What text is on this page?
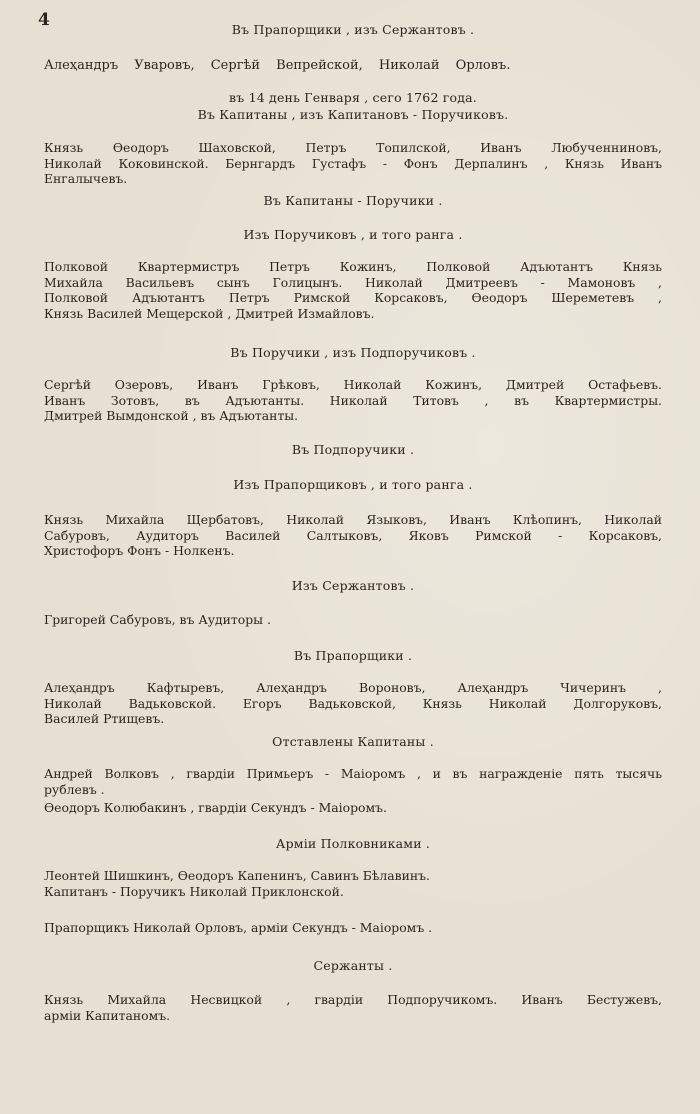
4	Въ Прапорщики , изъ Сержантовъ .
Алеҳандръ Уваровъ, Сергѣй Вепрейской, Николай Орловъ.
въ 14 день Генваря , сего 1762 года.
Въ Капитаны , изъ Капитановъ - Поручиковъ.
Князь Ѳеодоръ Шаховской, Петръ Топилской, Иванъ Любученниновъ,
Николай Коковинской. Бернгардъ Густафъ - Фонъ Дерпалинъ , Князь Иванъ
Енгалычевъ.
Въ Капитаны - Поручики .
Изъ Поручиковъ , и того ранга .
Полковой Квартермистръ Петръ Кожинъ, Полковой Адъютантъ Князь
Михайла Васильевъ сынъ Голицынъ. Николай Дмитреевъ - Мамоновъ ,
Полковой Адъютантъ Петръ Римской Корсаковъ, Ѳеодоръ Шереметевъ ,
Князь Василей Мещерской , Дмитрей Измайловъ.
Въ Поручики , изъ Подпоручиковъ .
Сергѣй Озеровъ, Иванъ Грѣковъ, Николай Кожинъ, Дмитрей Остафьевъ.
Иванъ Зотовъ, въ Адъютанты. Николай Титовъ , въ Квартермистры.
Дмитрей Вымдонской , въ Адъютанты.
Въ Подпоручики .
Изъ Прапорщиковъ , и того ранга .
Князь Михайла Щербатовъ, Николай Языковъ, Иванъ Клѣопинъ, Николай
Сабуровъ, Аудиторъ Василей Салтыковъ, Яковъ Римской - Корсаковъ,
Христофоръ Фонъ - Нолкенъ.
Изъ Сержантовъ .
Григорей Сабуровъ, въ Аудиторы .
Въ Прапорщики .
Алеҳандръ Кафтыревъ, Алеҳандръ Вороновъ, Алеҳандръ Чичеринъ ,
Николай Вадьковской. Егоръ Вадьковской, Князь Николай Долгоруковъ,
Василей Ртищевъ.
Отставлены Капитаны .
Андрей Волковъ , гвардіи Примьеръ - Маіоромъ , и въ награжденіе пять тысячь
рублевъ .
Ѳеодоръ Колюбакинъ , гвардіи Секундъ - Маіоромъ.
Арміи Полковниками .
Леонтей Шишкинъ, Ѳеодоръ Капенинъ, Савинъ Бѣлавинъ.
Капитанъ - Поручикъ Николай Приклонской.
Прапорщикъ Николай Орловъ, арміи Секундъ - Маіоромъ .
Сержанты .
Князь Михайла Несвицкой , гвардіи Подпоручикомъ. Иванъ Бестужевъ,
арміи Капитаномъ.
